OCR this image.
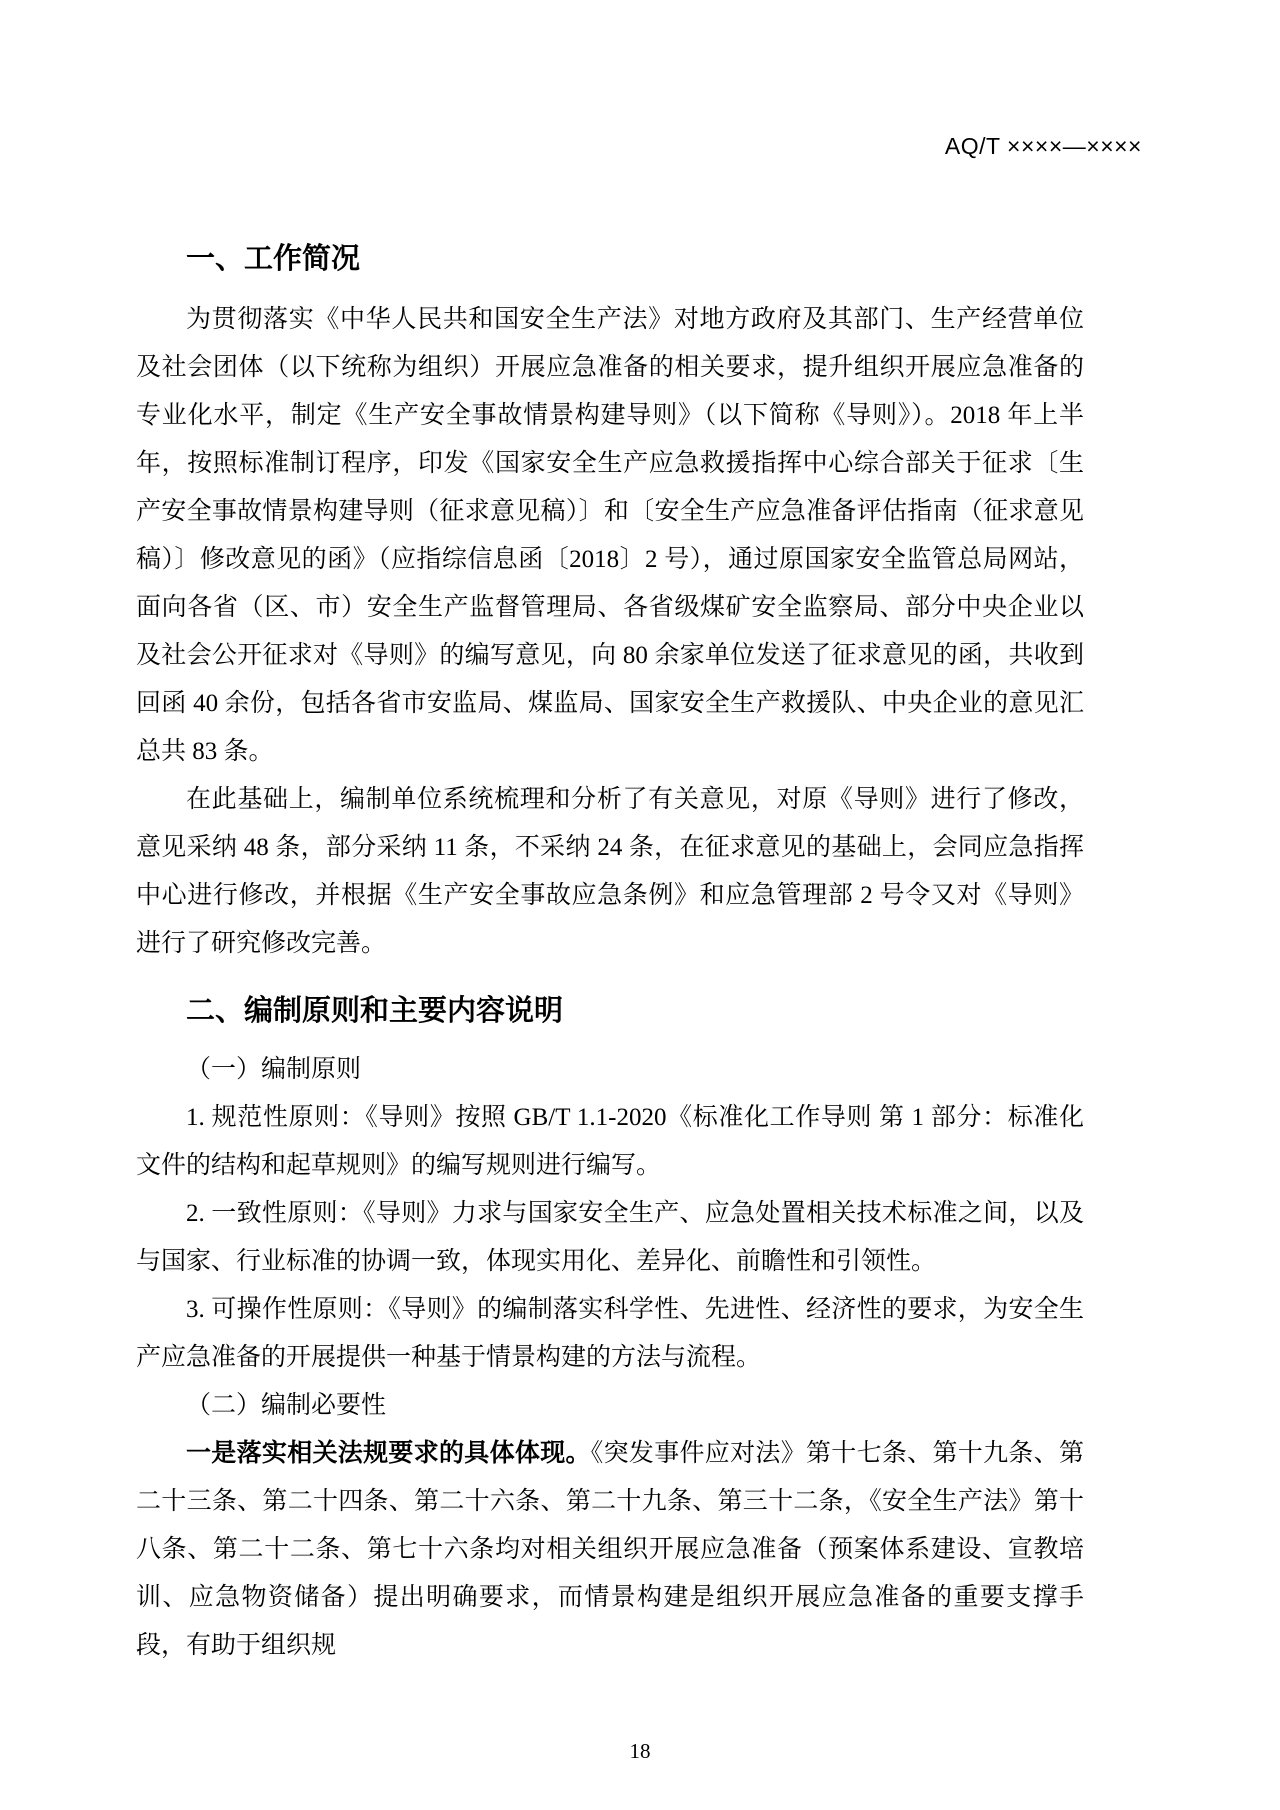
AQ/T ××××—××××
一、工作简况

为贯彻落实《中华人民共和国安全生产法》对地方政府及其部门、生产经营单位及社会团体（以下统称为组织）开展应急准备的相关要求，提升组织开展应急准备的专业化水平，制定《生产安全事故情景构建导则》（以下简称《导则》）。2018 年上半年，按照标准制订程序，印发《国家安全生产应急救援指挥中心综合部关于征求〔生产安全事故情景构建导则（征求意见稿）〕和〔安全生产应急准备评估指南（征求意见稿）〕修改意见的函》（应指综信息函〔2018〕2 号），通过原国家安全监管总局网站，面向各省（区、市）安全生产监督管理局、各省级煤矿安全监察局、部分中央企业以及社会公开征求对《导则》的编写意见，向 80 余家单位发送了征求意见的函，共收到回函 40 余份，包括各省市安监局、煤监局、国家安全生产救援队、中央企业的意见汇总共 83 条。

在此基础上，编制单位系统梳理和分析了有关意见，对原《导则》进行了修改，意见采纳 48 条，部分采纳 11 条，不采纳 24 条，在征求意见的基础上，会同应急指挥中心进行修改，并根据《生产安全事故应急条例》和应急管理部 2 号令又对《导则》进行了研究修改完善。

二、编制原则和主要内容说明

（一）编制原则

1. 规范性原则：《导则》按照 GB/T 1.1-2020《标准化工作导则 第 1 部分：标准化文件的结构和起草规则》的编写规则进行编写。

2. 一致性原则：《导则》力求与国家安全生产、应急处置相关技术标准之间，以及与国家、行业标准的协调一致，体现实用化、差异化、前瞻性和引领性。

3. 可操作性原则：《导则》的编制落实科学性、先进性、经济性的要求，为安全生产应急准备的开展提供一种基于情景构建的方法与流程。

（二）编制必要性

一是落实相关法规要求的具体体现。《突发事件应对法》第十七条、第十九条、第二十三条、第二十四条、第二十六条、第二十九条、第三十二条，《安全生产法》第十八条、第二十二条、第七十六条均对相关组织开展应急准备（预案体系建设、宣教培训、应急物资储备）提出明确要求，而情景构建是组织开展应急准备的重要支撑手段，有助于组织规

18
